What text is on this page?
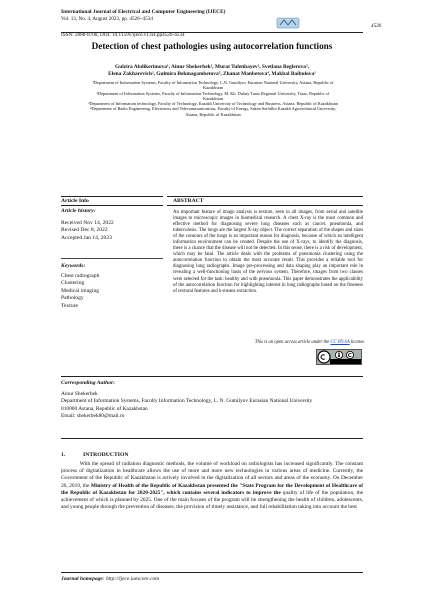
International Journal of Electrical and Computer Engineering (IJECE)
Vol. 13, No. 4, August 2023, pp. 4526~4534
ISSN: 2088-8708, DOI: 10.11591/ijece.v13i4.pp4526-4534
4526
Detection of chest pathologies using autocorrelation functions
Gulzira Abdikerimova¹, Ainur Shekerbek¹, Murat Tulenbayev², Svetlana Beglerova²,
Elena Zakharevich², Gulmira Bekmagambetova³, Zhanat Manbetova⁴, Makbal Baibulova¹
¹Department of Information Systems, Faculty of Information Technology, L.N. Gumilyov Eurasian National University, Astana, Republic of Kazakhstan
²Department of Information Systems, Faculty of Information Technology, M. Kh. Dulaty Taraz Regional University, Taraz, Republic of Kazakhstan
³Department of Information technology, Faculty of Technology, Kazakh University of Technology and Business, Astana, Republic of Kazakhstan
⁴Department of Radio Engineering, Electronics and Telecommunications, Faculty of Energy, Saken Seifullin Kazakh Agrotechnical University, Astana, Republic of Kazakhstan
Article Info	ABSTRACT
Article history:
Received Nov 14, 2022
Revised Dec 8, 2022
Accepted Jan 14, 2023
Keywords:
Chest radiograph
Clustering
Medical imaging
Pathology
Texture
An important feature of image analysis is texture, seen in all images, from aerial and satellite images to microscopic images in biomedical research. A chest X-ray is the most common and effective method for diagnosing severe lung diseases such as cancer, pneumonia, and tuberculosis. The lungs are the largest X-ray object. The correct separation of the shapes and sizes of the contours of the lungs is an important reason for diagnosis, because of which an intelligent information environment can be created. Despite the use of X-rays, to identify the diagnosis, there is a chance that the disease will not be detected. In this sense, there is a risk of development, which may be fatal. The article deals with the problems of pneumonia clustering using the autocorrelation function to obtain the most accurate result. This provides a reliable tool for diagnosing lung radiographs. Image pre-processing and data shaping play an important role in revealing a well-functioning basis of the nervous system. Therefore, images from two classes were selected for the task: healthy and with pneumonia. This paper demonstrates the applicability of the autocorrelation function for highlighting interest in lung radiographs based on the fineness of textural features and k-means extraction.
This is an open access article under the CC BY-SA license.
Corresponding Author:
Ainur Shekerbek
Department of Information Systems, Faculty Information Technology, L. N. Gumilyov Eurasian National University
010000 Astana, Republic of Kazakhstan
Email: shekerbek80@mail.ru
1.	INTRODUCTION
    With the spread of radiation diagnostic methods, the volume of workload on radiologists has increased significantly. The constant process of digitalization in healthcare allows the use of more and more new technologies in various areas of medicine. Currently, the Government of the Republic of Kazakhstan is actively involved in the digitalization of all sectors and areas of the economy. On December 26, 2019, the Ministry of Health of the Republic of Kazakhstan presented the "State Program for the Development of Healthcare of the Republic of Kazakhstan for 2020-2025", which contains several indicators to improve the quality of life of the population, the achievement of which is planned by 2025. One of the main focuses of the program will be strengthening the health of children, adolescents, and young people through the prevention of diseases, the provision of timely assistance, and full rehabilitation taking into account the best
Journal homepage: http://ijece.iaescore.com
